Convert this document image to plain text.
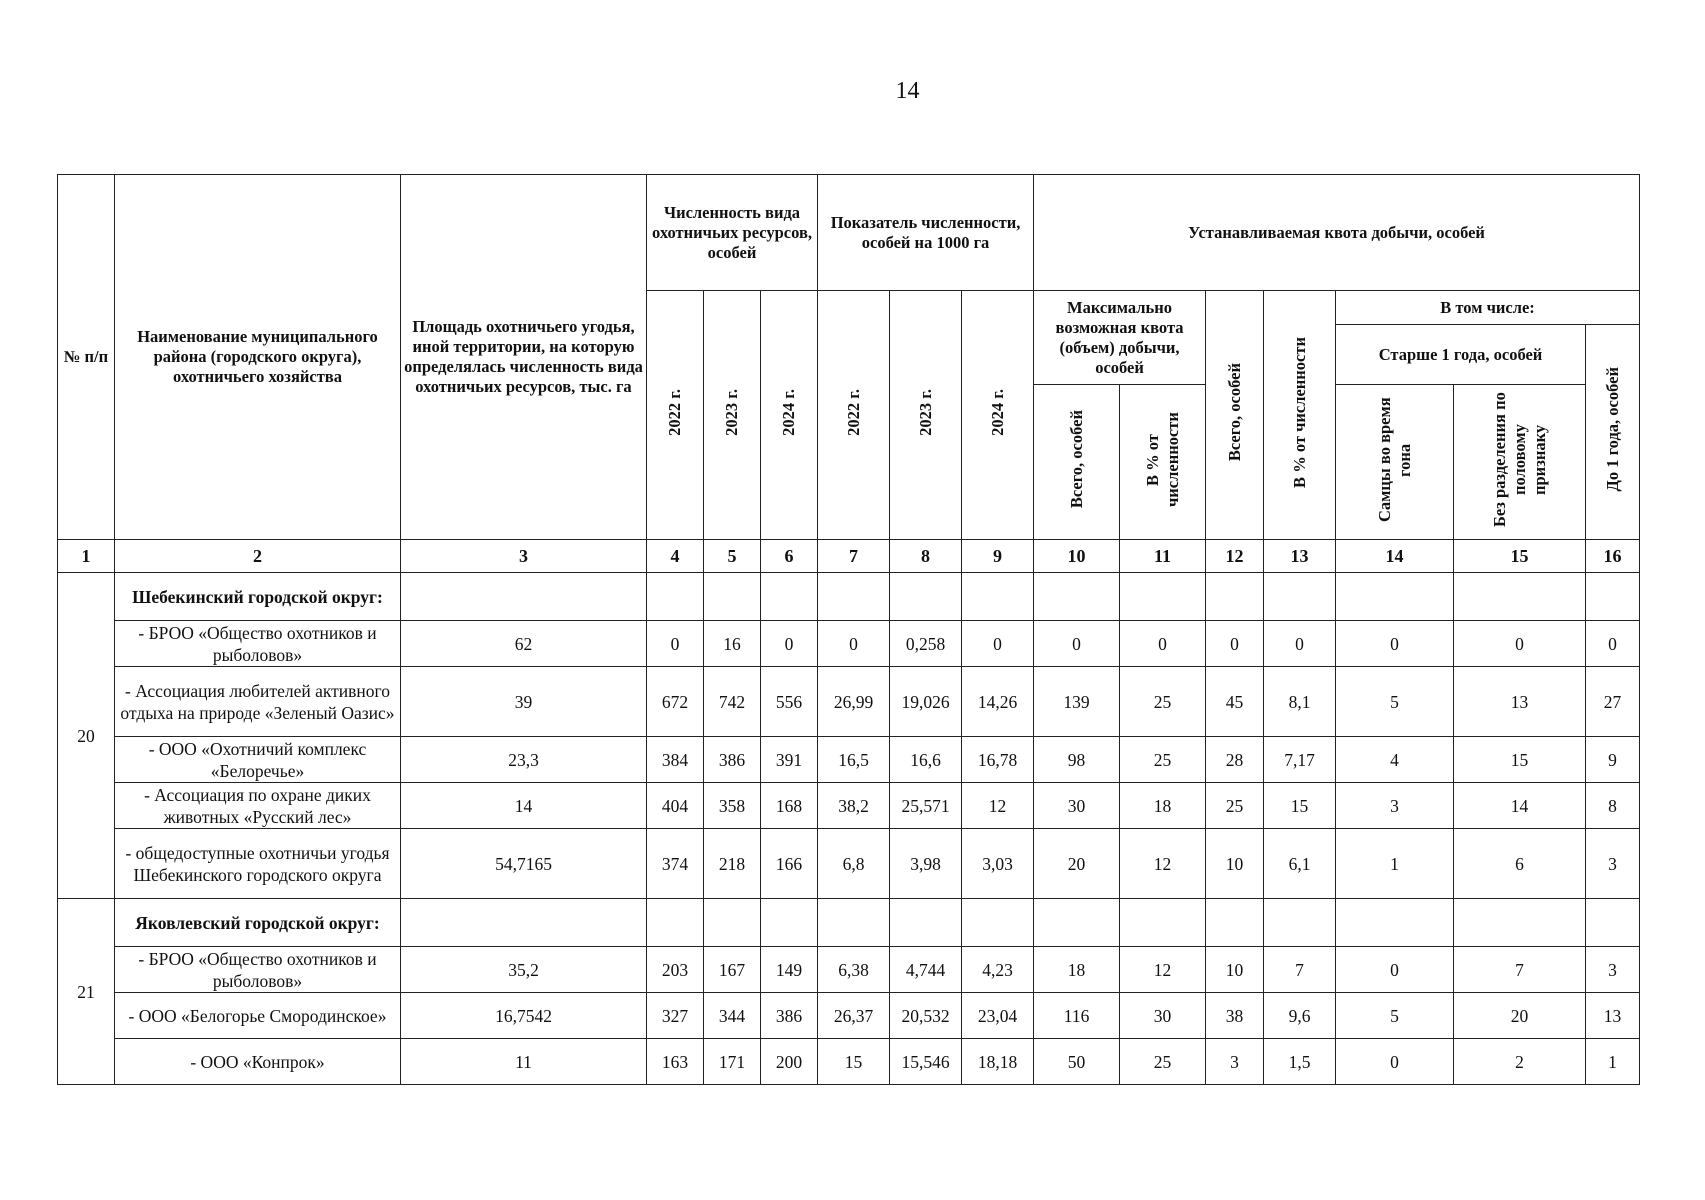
14
№ п/п	Наименование муниципального района (городского округа), охотничьего хозяйства	Площадь охотничьего угодья, иной территории, на которую определялась численность вида охотничьих ресурсов, тыс. га	Численность вида охотничьих ресурсов, особей			Показатель численности, особей на 1000 га			Устанавливаемая квота добычи, особей						
			2022 г.	2023 г.	2024 г.	2022 г.	2023 г.	2024 г.	Максимально возможная квота (объем) добычи, особей		Всего, особей	В % от численности	В том числе:		
													Старше 1 года, особей		До 1 года, особей
									Всего, особей	В % от численности			Самцы во время гона	Без разделения по половому признаку	
1	2	3	4	5	6	7	8	9	10	11	12	13	14	15	16
20	Шебекинский городской округ:														
	- БРОО «Общество охотников и рыболовов»	62	0	16	0	0	0,258	0	0	0	0	0	0	0	0
	- Ассоциация любителей активного отдыха на природе «Зеленый Оазис»	39	672	742	556	26,99	19,026	14,26	139	25	45	8,1	5	13	27
	- ООО «Охотничий комплекс «Белоречье»	23,3	384	386	391	16,5	16,6	16,78	98	25	28	7,17	4	15	9
	- Ассоциация по охране диких животных «Русский лес»	14	404	358	168	38,2	25,571	12	30	18	25	15	3	14	8
	- общедоступные охотничьи угодья Шебекинского городского округа	54,7165	374	218	166	6,8	3,98	3,03	20	12	10	6,1	1	6	3
21	Яковлевский городской округ:														
	- БРОО «Общество охотников и рыболовов»	35,2	203	167	149	6,38	4,744	4,23	18	12	10	7	0	7	3
	- ООО «Белогорье Смородинское»	16,7542	327	344	386	26,37	20,532	23,04	116	30	38	9,6	5	20	13
	- ООО «Конпрок»	11	163	171	200	15	15,546	18,18	50	25	3	1,5	0	2	1
